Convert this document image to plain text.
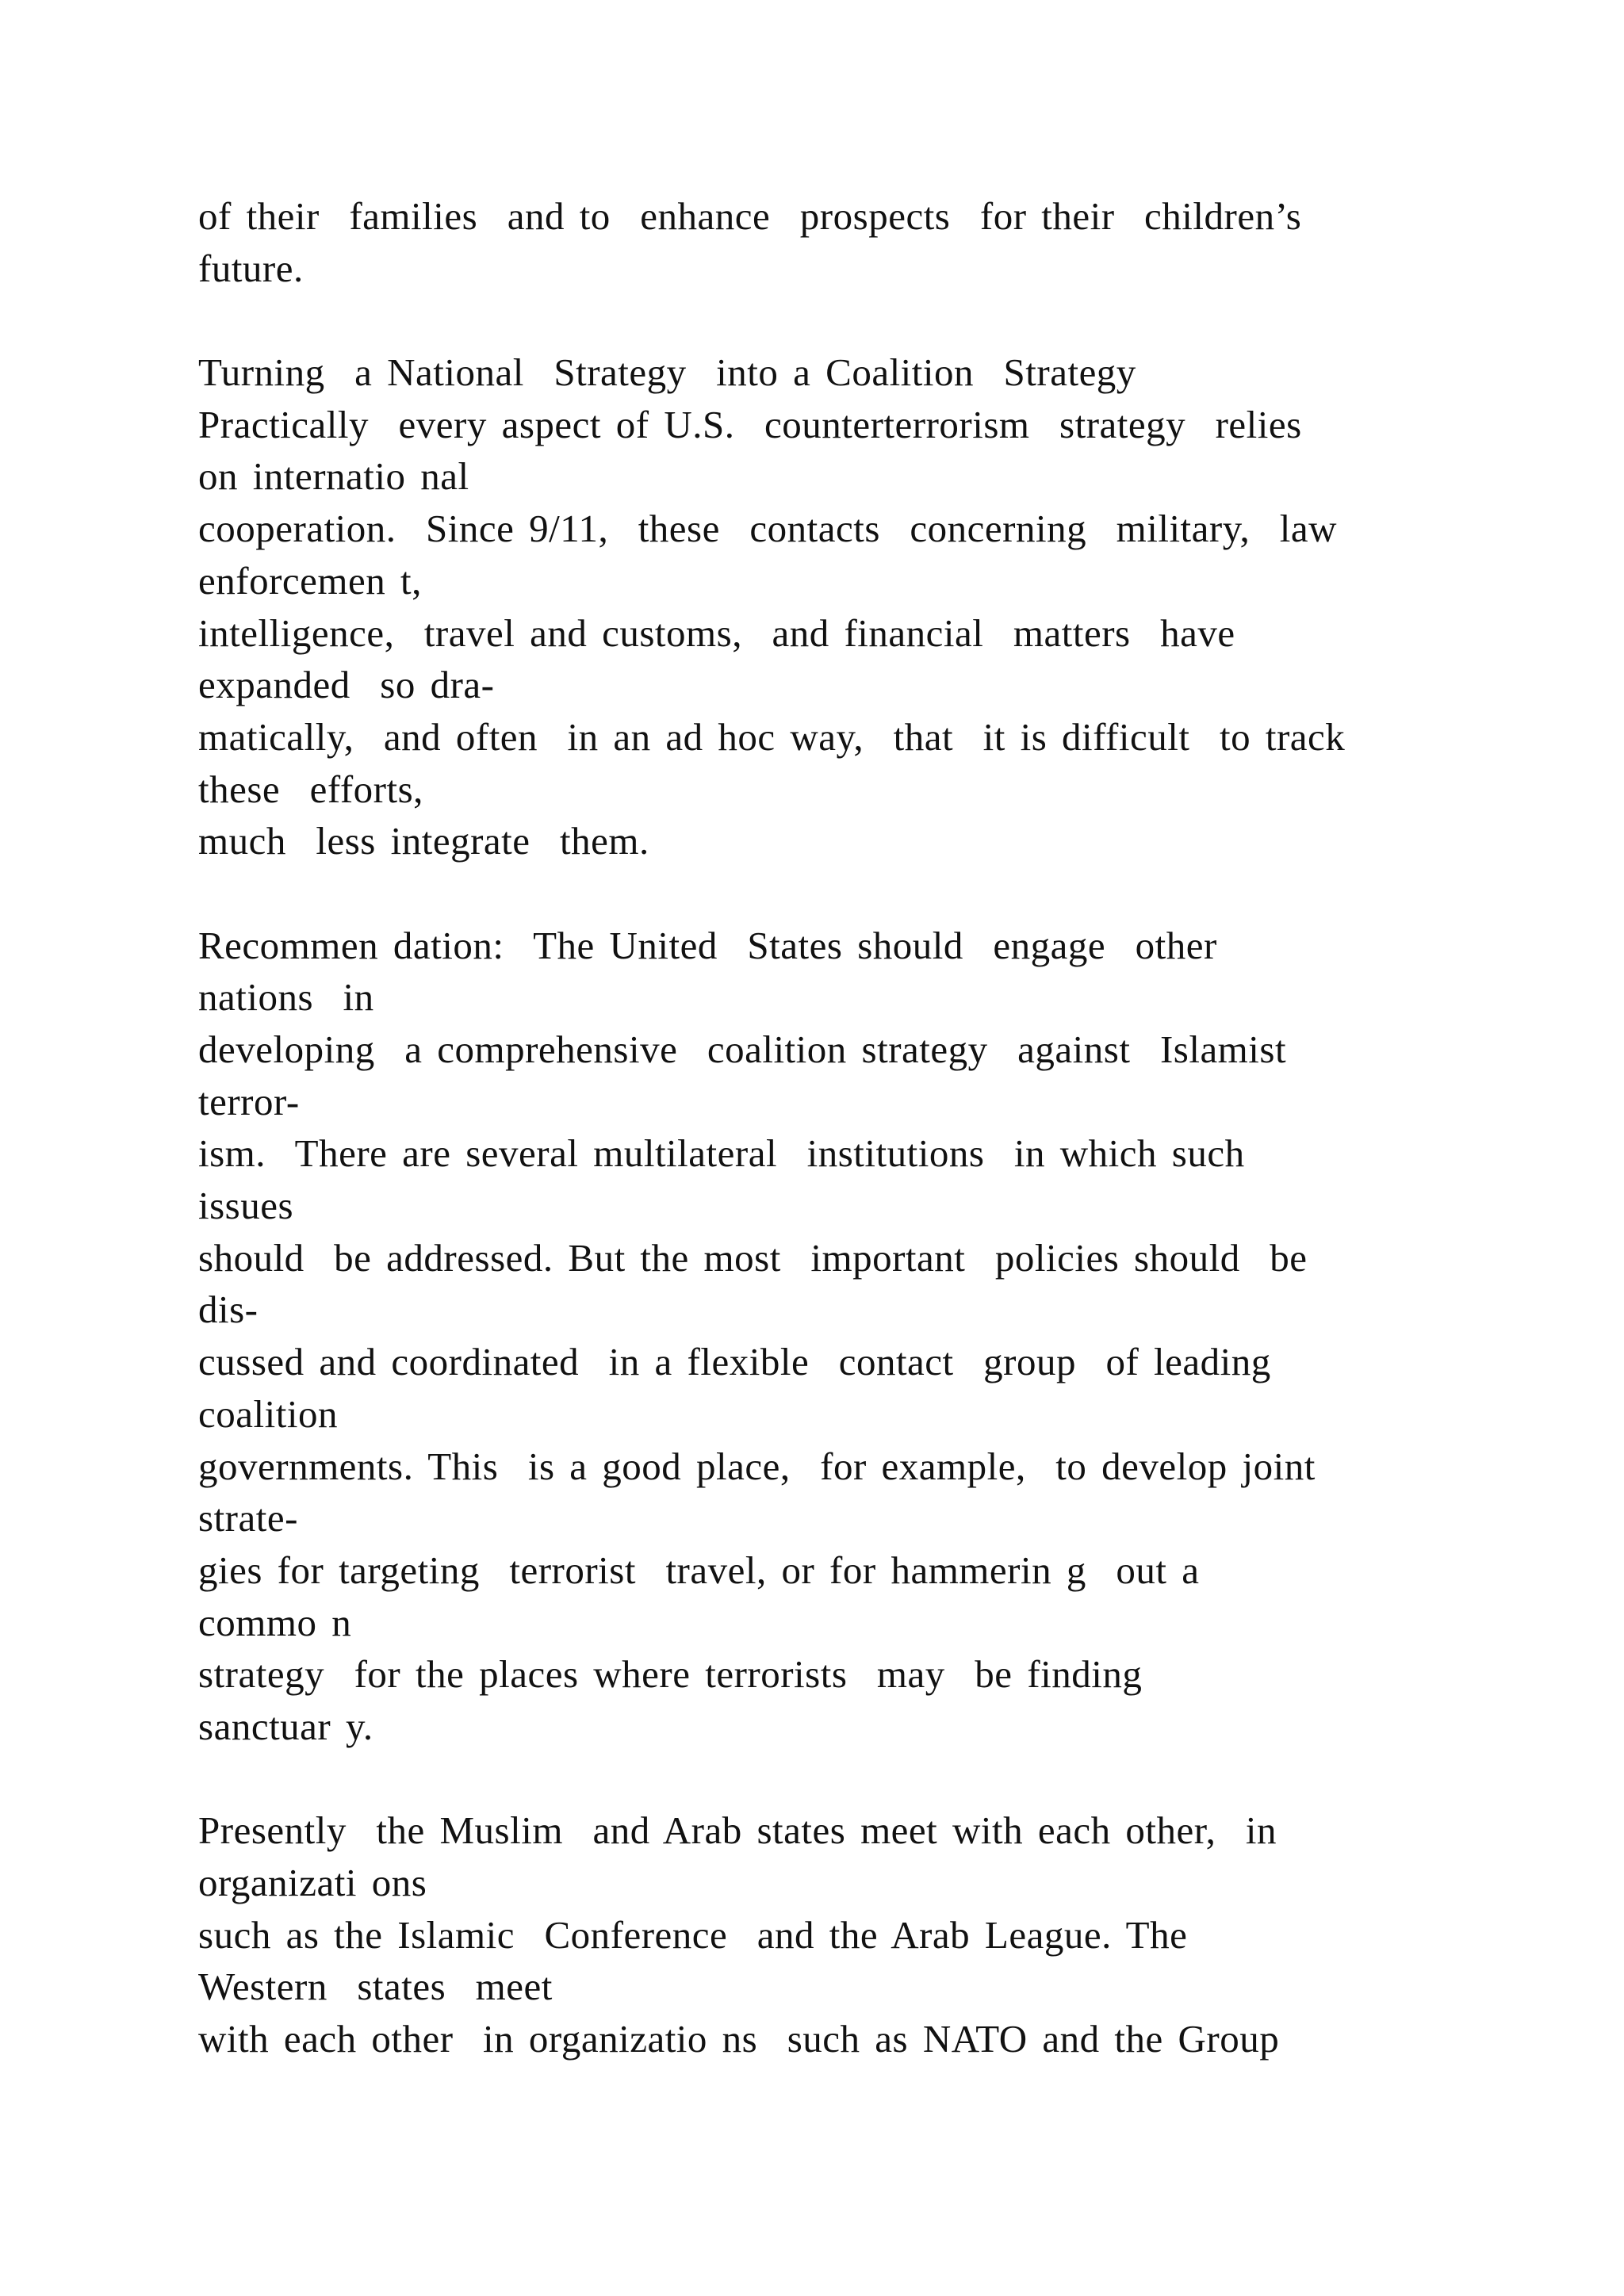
of their  families  and to  enhance  prospects  for their  children’s
future.
Turning  a National  Strategy  into a Coalition  Strategy
Practically  every aspect of U.S.  counterterrorism  strategy  relies
on internatio nal
cooperation.  Since 9/11,  these  contacts  concerning  military,  law
enforcemen t,
intelligence,  travel and customs,  and financial  matters  have
expanded  so dra-
matically,  and often  in an ad hoc way,  that  it is difficult  to track
these  efforts,
much  less integrate  them.
Recommen dation:  The United  States should  engage  other
nations  in
developing  a comprehensive  coalition strategy  against  Islamist
terror-
ism.  There are several multilateral  institutions  in which such
issues
should  be addressed. But the most  important  policies should  be
dis-
cussed and coordinated  in a flexible  contact  group  of leading
coalition
governments. This  is a good place,  for example,  to develop joint
strate-
gies for targeting  terrorist  travel, or for hammerin g  out a
commo n
strategy  for the places where terrorists  may  be finding
sanctuar y.
Presently  the Muslim  and Arab states meet with each other,  in
organizati ons
such as the Islamic  Conference  and the Arab League. The
Western  states  meet
with each other  in organizatio ns  such as NATO and the Group
